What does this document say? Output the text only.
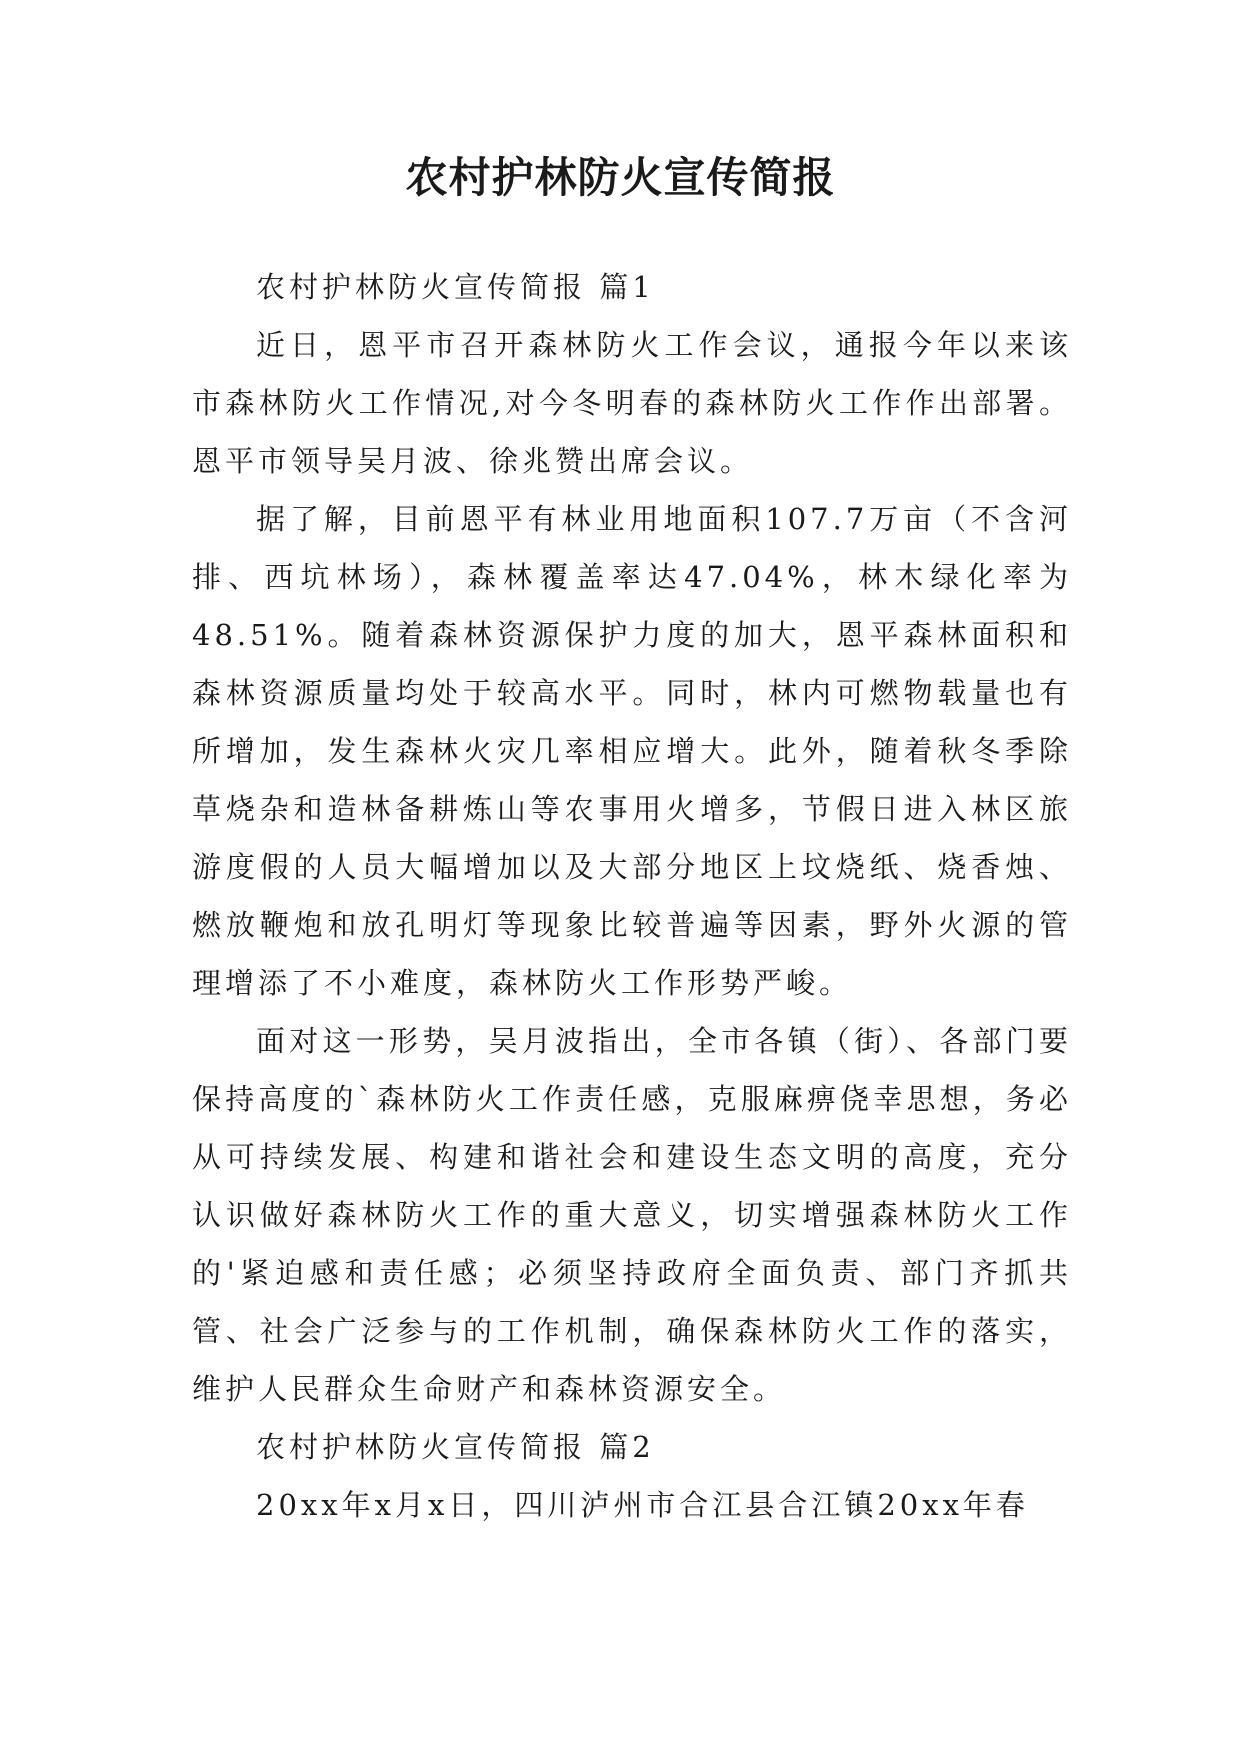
农村护林防火宣传简报

农村护林防火宣传简报 篇1

近日，恩平市召开森林防火工作会议，通报今年以来该市森林防火工作情况,对今冬明春的森林防火工作作出部署。恩平市领导吴月波、徐兆赞出席会议。

据了解，目前恩平有林业用地面积107.7万亩（不含河排、西坑林场），森林覆盖率达47.04%，林木绿化率为48.51%。随着森林资源保护力度的加大，恩平森林面积和森林资源质量均处于较高水平。同时，林内可燃物载量也有所增加，发生森林火灾几率相应增大。此外，随着秋冬季除草烧杂和造林备耕炼山等农事用火增多，节假日进入林区旅游度假的人员大幅增加以及大部分地区上坟烧纸、烧香烛、燃放鞭炮和放孔明灯等现象比较普遍等因素，野外火源的管理增添了不小难度，森林防火工作形势严峻。

面对这一形势，吴月波指出，全市各镇（街）、各部门要保持高度的`森林防火工作责任感，克服麻痹侥幸思想，务必从可持续发展、构建和谐社会和建设生态文明的高度，充分认识做好森林防火工作的重大意义，切实增强森林防火工作的'紧迫感和责任感；必须坚持政府全面负责、部门齐抓共管、社会广泛参与的工作机制，确保森林防火工作的落实，维护人民群众生命财产和森林资源安全。

农村护林防火宣传简报 篇2

20xx年x月x日，四川泸州市合江县合江镇20xx年春
